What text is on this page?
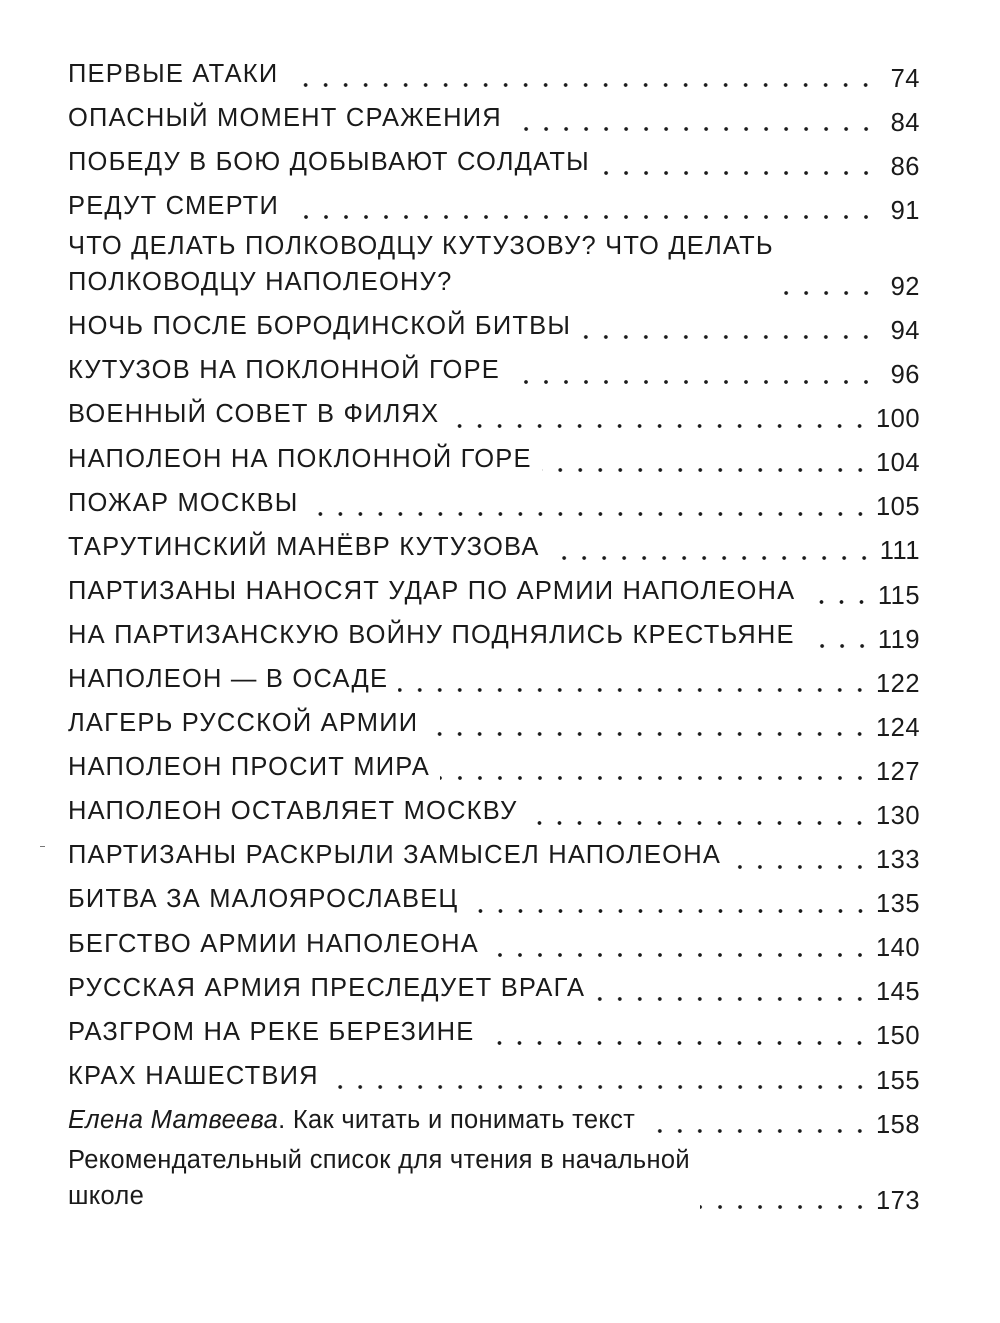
ПЕРВЫЕ АТАКИ	74
ОПАСНЫЙ МОМЕНТ СРАЖЕНИЯ	84
ПОБЕДУ В БОЮ ДОБЫВАЮТ СОЛДАТЫ	86
РЕДУТ СМЕРТИ	91
ЧТО ДЕЛАТЬ ПОЛКОВОДЦУ КУТУЗОВУ? ЧТО ДЕЛАТЬ
ПОЛКОВОДЦУ НАПОЛЕОНУ?	92
НОЧЬ ПОСЛЕ БОРОДИНСКОЙ БИТВЫ	94
КУТУЗОВ НА ПОКЛОННОЙ ГОРЕ	96
ВОЕННЫЙ СОВЕТ В ФИЛЯХ	100
НАПОЛЕОН НА ПОКЛОННОЙ ГОРЕ	104
ПОЖАР МОСКВЫ	105
ТАРУТИНСКИЙ МАНЁВР КУТУЗОВА	111
ПАРТИЗАНЫ НАНОСЯТ УДАР ПО АРМИИ НАПОЛЕОНА	115
НА ПАРТИЗАНСКУЮ ВОЙНУ ПОДНЯЛИСЬ КРЕСТЬЯНЕ	119
НАПОЛЕОН — В ОСАДЕ	122
ЛАГЕРЬ РУССКОЙ АРМИИ	124
НАПОЛЕОН ПРОСИТ МИРА	127
НАПОЛЕОН ОСТАВЛЯЕТ МОСКВУ	130
ПАРТИЗАНЫ РАСКРЫЛИ ЗАМЫСЕЛ НАПОЛЕОНА	133
БИТВА ЗА МАЛОЯРОСЛАВЕЦ	135
БЕГСТВО АРМИИ НАПОЛЕОНА	140
РУССКАЯ АРМИЯ ПРЕСЛЕДУЕТ ВРАГА	145
РАЗГРОМ НА РЕКЕ БЕРЕЗИНЕ	150
КРАХ НАШЕСТВИЯ	155
Елена Матвеева. Как читать и понимать текст	158
Рекомендательный список для чтения в начальной
школе	173
